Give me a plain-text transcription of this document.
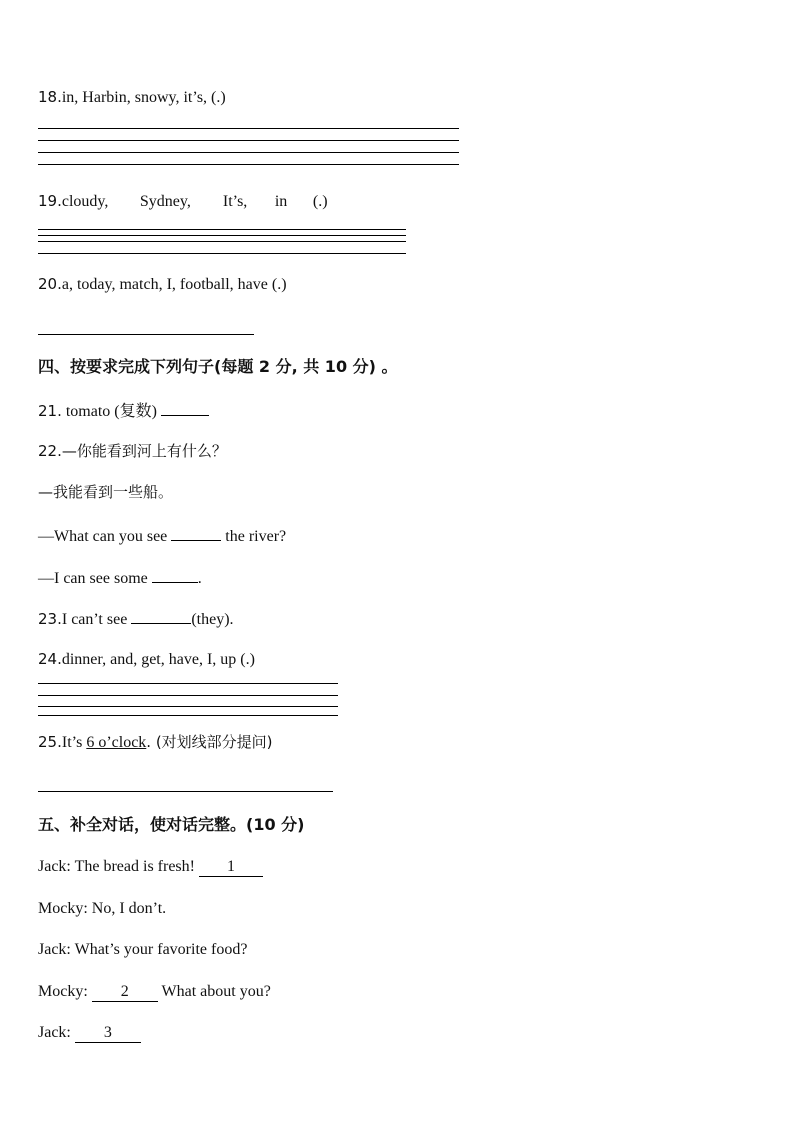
18.in, Harbin, snowy, it’s, (.)
19.cloudy, Sydney, It’s, in (.)
20.a, today, match, I, football, have (.)
四、按要求完成下列句子(每题 2 分, 共 10 分) 。
21. tomato (复数)
22.—你能看到河上有什么？
—我能看到一些船。
—What can you see	the river?
—I can see some	.
23.I can’t see	(they).
24.dinner, and, get, have, I, up (.)
25.It’s 6 o’clock. (对划线部分提问)
五、补全对话，使对话完整。(10 分)
Jack: The bread is fresh! 1
Mocky: No, I don’t.
Jack: What’s your favorite food?
Mocky: 2 What about you?
Jack: 3
